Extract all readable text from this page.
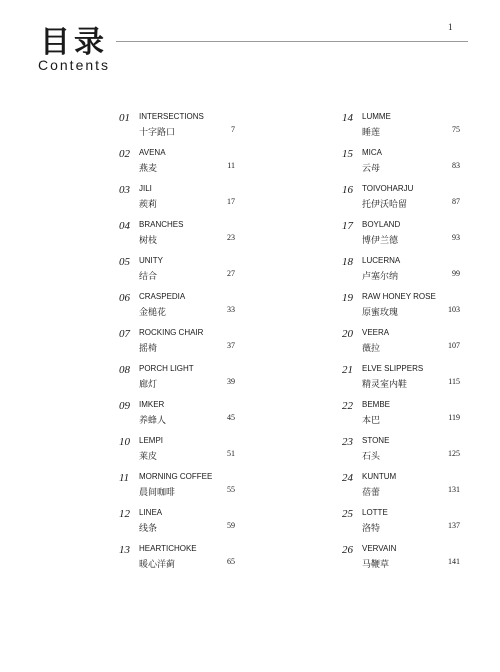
1
目录
Contents
01	INTERSECTIONS
十字路口	7
02	AVENA
燕麦	11
03	JILI
蒺莉	17
04	BRANCHES
树枝	23
05	UNITY
结合	27
06	CRASPEDIA
金槌花	33
07	ROCKING CHAIR
摇椅	37
08	PORCH LIGHT
廊灯	39
09	IMKER
养蜂人	45
10	LEMPI
莱皮	51
11	MORNING COFFEE
晨间咖啡	55
12	LINEA
线条	59
13	HEARTICHOKE
暖心洋蓟	65
14	LUMME
睡莲	75
15	MICA
云母	83
16	TOIVOHARJU
托伊沃哈留	87
17	BOYLAND
博伊兰德	93
18	LUCERNA
卢塞尔纳	99
19	RAW HONEY ROSE
原蜜玫瑰	103
20	VEERA
薇拉	107
21	ELVE SLIPPERS
精灵室内鞋	115
22	BEMBE
本巴	119
23	STONE
石头	125
24	KUNTUM
蓓蕾	131
25	LOTTE
洛特	137
26	VERVAIN
马鞭草	141
